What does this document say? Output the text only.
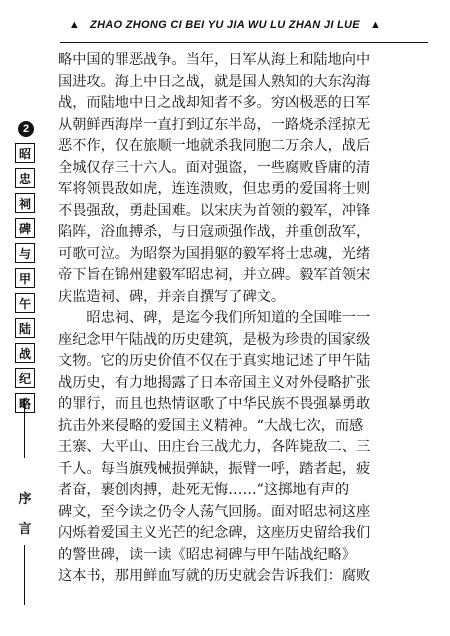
▲ ZHAO ZHONG CI BEI YU JIA WU LU ZHAN JI LUE ▲
2
昭
忠
祠
碑
与
甲
午
陆
战
纪
略
序
言

略中国的罪恶战争。当年，日军从海上和陆地向中
国进攻。海上中日之战，就是国人熟知的大东沟海
战，而陆地中日之战却知者不多。穷凶极恶的日军
从朝鲜西海岸一直打到辽东半岛，一路烧杀淫掠无
恶不作，仅在旅顺一地就杀我同胞二万余人，战后
全城仅存三十六人。面对强盗，一些腐败昏庸的清
军将领畏敌如虎，连连溃败，但忠勇的爱国将士则
不畏强敌，勇赴国难。以宋庆为首领的毅军，冲锋
陷阵，浴血搏杀，与日寇顽强作战，并重创敌军，
可歌可泣。为昭祭为国捐躯的毅军将士忠魂，光绪
帝下旨在锦州建毅军昭忠祠，并立碑。毅军首领宋
庆监造祠、碑，并亲自撰写了碑文。

昭忠祠、碑，是迄今我们所知道的全国唯一一

座纪念甲午陆战的历史建筑，是极为珍贵的国家级
文物。它的历史价值不仅在于真实地记述了甲午陆
战历史，有力地揭露了日本帝国主义对外侵略扩张
的罪行，而且也热情讴歌了中华民族不畏强暴勇敢
抗击外来侵略的爱国主义精神。“大战七次，而感
王寨、大平山、田庄台三战尤力，各阵毙敌二、三
千人。每当旗残械损弹缺，振臂一呼，踏者起，疲
者奋，裹创肉搏，赴死无悔……”这掷地有声的
碑文，至今读之仍令人荡气回肠。面对昭忠祠这座
闪烁着爱国主义光芒的纪念碑，这座历史留给我们
的警世碑，读一读《昭忠祠碑与甲午陆战纪略》
这本书，那用鲜血写就的历史就会告诉我们：腐败
